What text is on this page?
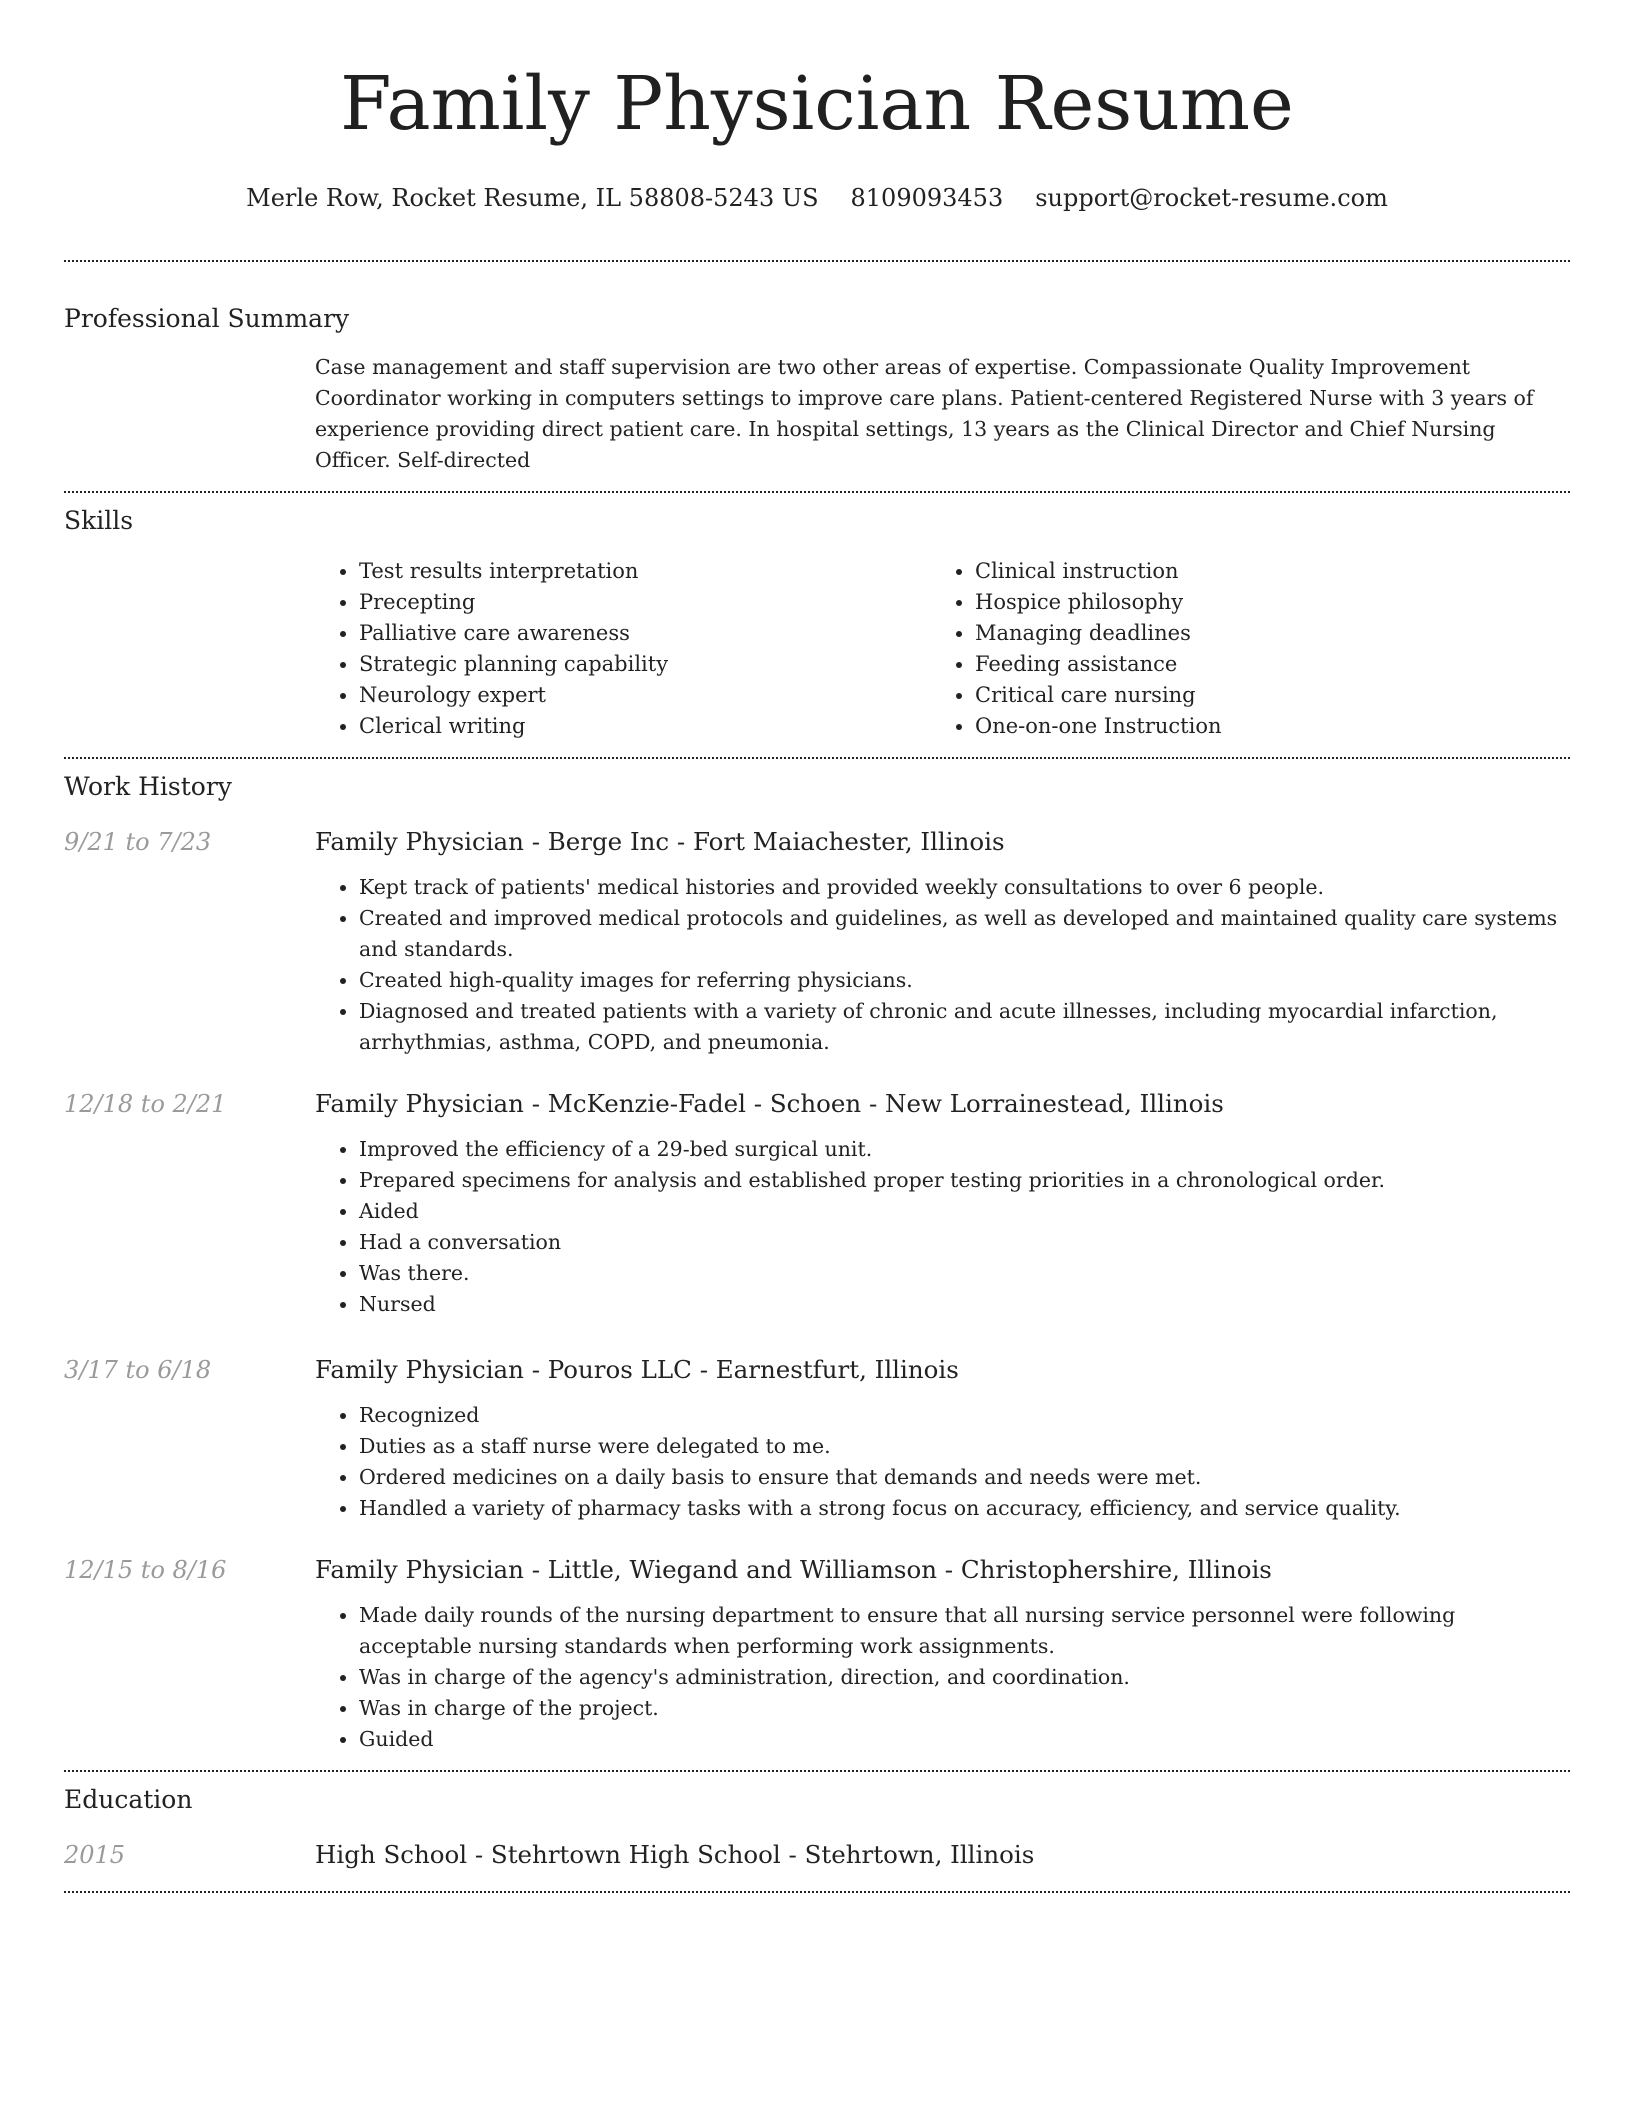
Family Physician Resume
Merle Row, Rocket Resume, IL 58808-5243 US 8109093453 support@rocket-resume.com
Professional Summary
Case management and staff supervision are two other areas of expertise. Compassionate Quality Improvement Coordinator working in computers settings to improve care plans. Patient-centered Registered Nurse with 3 years of experience providing direct patient care. In hospital settings, 13 years as the Clinical Director and Chief Nursing Officer. Self-directed
Skills
• Test results interpretation
• Precepting
• Palliative care awareness
• Strategic planning capability
• Neurology expert
• Clerical writing
• Clinical instruction
• Hospice philosophy
• Managing deadlines
• Feeding assistance
• Critical care nursing
• One-on-one Instruction
Work History
9/21 to 7/23	Family Physician - Berge Inc - Fort Maiachester, Illinois
• Kept track of patients' medical histories and provided weekly consultations to over 6 people.
• Created and improved medical protocols and guidelines, as well as developed and maintained quality care systems and standards.
• Created high-quality images for referring physicians.
• Diagnosed and treated patients with a variety of chronic and acute illnesses, including myocardial infarction, arrhythmias, asthma, COPD, and pneumonia.
12/18 to 2/21	Family Physician - McKenzie-Fadel - Schoen - New Lorrainestead, Illinois
• Improved the efficiency of a 29-bed surgical unit.
• Prepared specimens for analysis and established proper testing priorities in a chronological order.
• Aided
• Had a conversation
• Was there.
• Nursed
3/17 to 6/18	Family Physician - Pouros LLC - Earnestfurt, Illinois
• Recognized
• Duties as a staff nurse were delegated to me.
• Ordered medicines on a daily basis to ensure that demands and needs were met.
• Handled a variety of pharmacy tasks with a strong focus on accuracy, efficiency, and service quality.
12/15 to 8/16	Family Physician - Little, Wiegand and Williamson - Christophershire, Illinois
• Made daily rounds of the nursing department to ensure that all nursing service personnel were following acceptable nursing standards when performing work assignments.
• Was in charge of the agency's administration, direction, and coordination.
• Was in charge of the project.
• Guided
Education
2015	High School - Stehrtown High School - Stehrtown, Illinois
